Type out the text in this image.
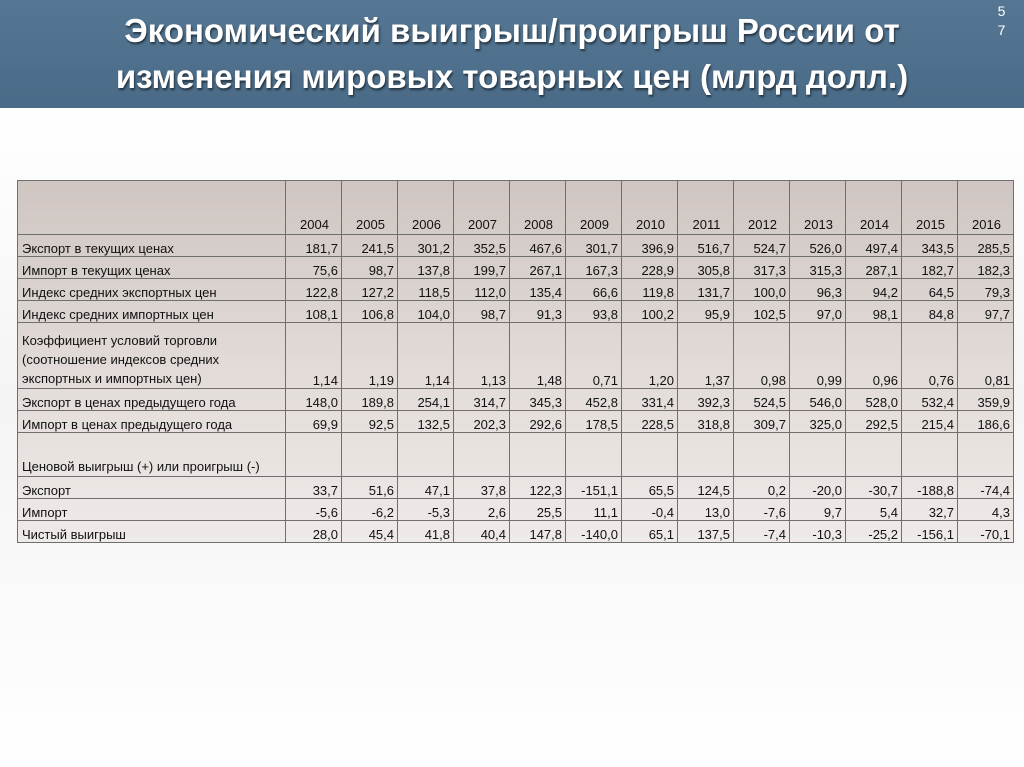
Экономический выигрыш/проигрыш России от
изменения мировых товарных цен (млрд долл.)
5 7
	2004	2005	2006	2007	2008	2009	2010	2011	2012	2013	2014	2015	2016
Экспорт в текущих ценах	181,7	241,5	301,2	352,5	467,6	301,7	396,9	516,7	524,7	526,0	497,4	343,5	285,5
Импорт в текущих ценах	75,6	98,7	137,8	199,7	267,1	167,3	228,9	305,8	317,3	315,3	287,1	182,7	182,3
Индекс средних экспортных цен	122,8	127,2	118,5	112,0	135,4	66,6	119,8	131,7	100,0	96,3	94,2	64,5	79,3
Индекс средних импортных цен	108,1	106,8	104,0	98,7	91,3	93,8	100,2	95,9	102,5	97,0	98,1	84,8	97,7
Коэффициент условий торговли (соотношение индексов средних экспортных и импортных цен)	1,14	1,19	1,14	1,13	1,48	0,71	1,20	1,37	0,98	0,99	0,96	0,76	0,81
Экспорт в ценах предыдущего года	148,0	189,8	254,1	314,7	345,3	452,8	331,4	392,3	524,5	546,0	528,0	532,4	359,9
Импорт в ценах предыдущего года	69,9	92,5	132,5	202,3	292,6	178,5	228,5	318,8	309,7	325,0	292,5	215,4	186,6
Ценовой выигрыш (+) или проигрыш (-)													
Экспорт	33,7	51,6	47,1	37,8	122,3	-151,1	65,5	124,5	0,2	-20,0	-30,7	-188,8	-74,4
Импорт	-5,6	-6,2	-5,3	2,6	25,5	11,1	-0,4	13,0	-7,6	9,7	5,4	32,7	4,3
Чистый выигрыш	28,0	45,4	41,8	40,4	147,8	-140,0	65,1	137,5	-7,4	-10,3	-25,2	-156,1	-70,1
